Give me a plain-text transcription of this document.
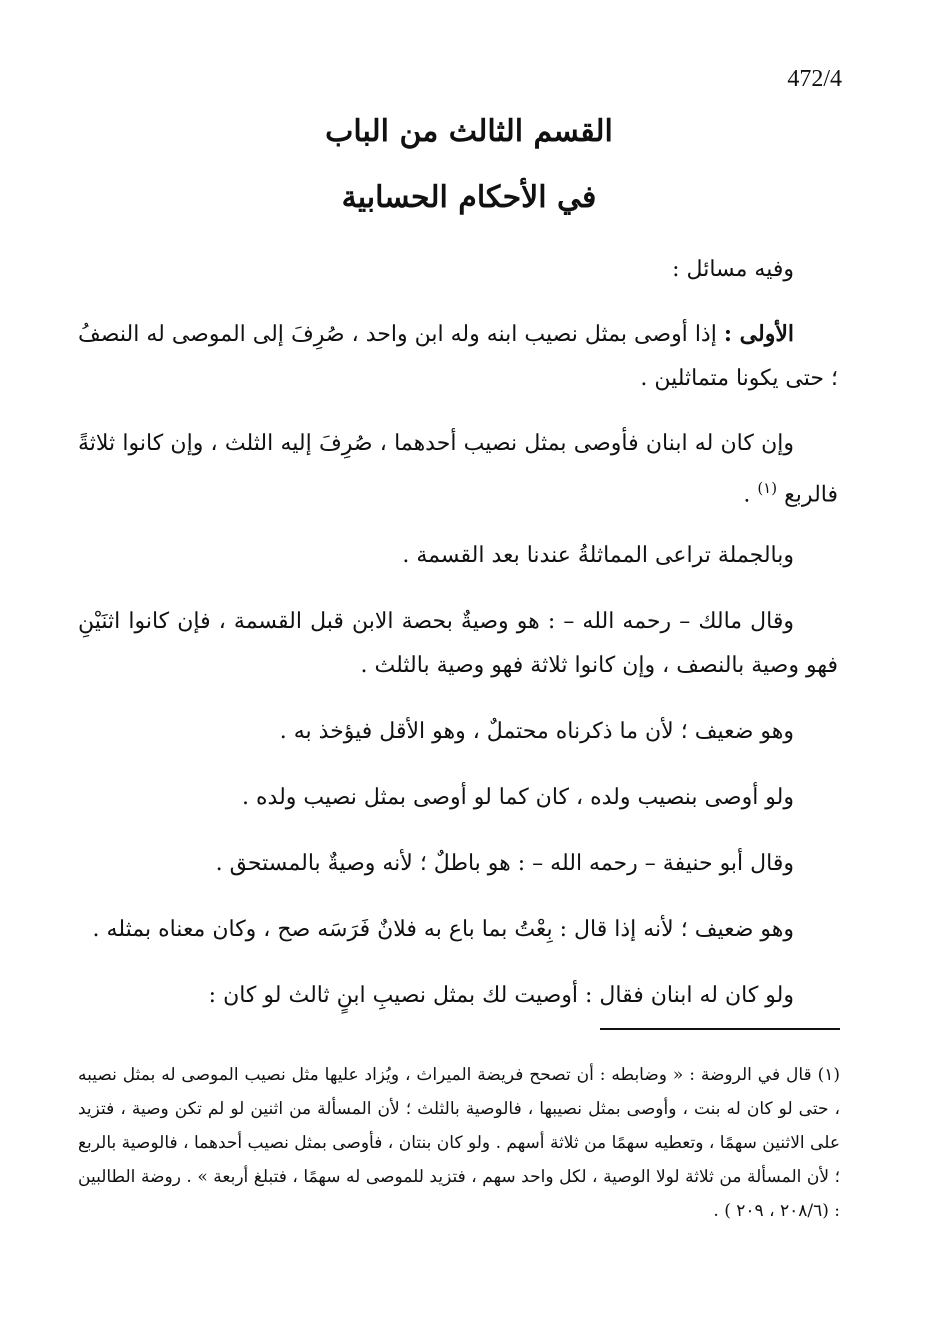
472/4
القسم الثالث من الباب
في الأحكام الحسابية
وفيه مسائل :
الأولى : إذا أوصى بمثل نصيب ابنه وله ابن واحد ، صُرِفَ إلى الموصى له النصفُ ؛ حتى يكونا متماثلين .
وإن كان له ابنان فأوصى بمثل نصيب أحدهما ، صُرِفَ إليه الثلث ، وإن كانوا ثلاثةً فالربع $^{(١)}$ .
وبالجملة تراعى المماثلةُ عندنا بعد القسمة .
وقال مالك – رحمه الله – : هو وصيةٌ بحصة الابن قبل القسمة ، فإن كانوا اثنَيْنِ فهو وصية بالنصف ، وإن كانوا ثلاثة فهو وصية بالثلث .
وهو ضعيف ؛ لأن ما ذكرناه محتملٌ ، وهو الأقل فيؤخذ به .
ولو أوصى بنصيب ولده ، كان كما لو أوصى بمثل نصيب ولده .
وقال أبو حنيفة – رحمه الله – : هو باطلٌ ؛ لأنه وصيةٌ بالمستحق .
وهو ضعيف ؛ لأنه إذا قال : بِعْتُ بما باع به فلانٌ فَرَسَه صح ، وكان معناه بمثله .
ولو كان له ابنان فقال : أوصيت لك بمثل نصيبِ ابنٍ ثالث لو كان :
(١) قال في الروضة : « وضابطه : أن تصحح فريضة الميراث ، ويُزاد عليها مثل نصيب الموصى له بمثل نصيبه ، حتى لو كان له بنت ، وأوصى بمثل نصيبها ، فالوصية بالثلث ؛ لأن المسألة من اثنين لو لم تكن وصية ، فتزيد على الاثنين سهمًا ، وتعطيه سهمًا من ثلاثة أسهم . ولو كان بنتان ، فأوصى بمثل نصيب أحدهما ، فالوصية بالربع ؛ لأن المسألة من ثلاثة لولا الوصية ، لكل واحد سهم ، فتزيد للموصى له سهمًا ، فتبلغ أربعة » . روضة الطالبين : (٢٠٨/٦ ، ٢٠٩ ) .
